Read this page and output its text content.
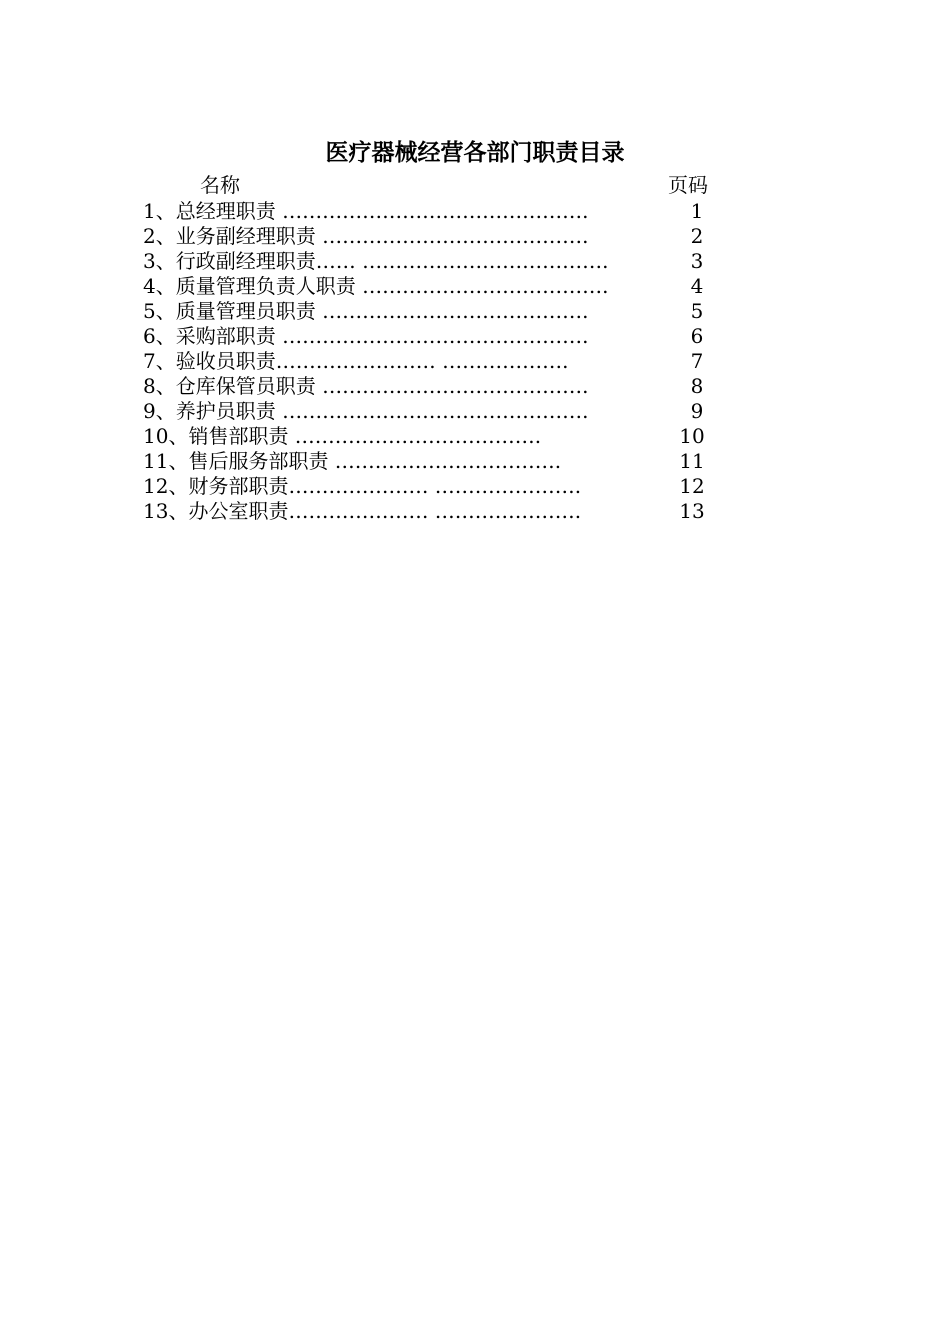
医疗器械经营各部门职责目录
名称	页码
1、总经理职责 ……………………………………….	1
2、业务副经理职责 ………………………………….	2
3、行政副经理职责…… ……………………………….	3
4、质量管理负责人职责 ……………………………….	4
5、质量管理员职责 ………………………………….	5
6、采购部职责 ……………………………………….	6
7、验收员职责…………………… ……………….	7
8、仓库保管员职责 ………………………………….	8
9、养护员职责 ……………………………………….	9
10、销售部职责 ……………………………….	10
11、售后服务部职责 …………………………….	11
12、财务部职责………………… ………………….	12
13、办公室职责………………… ………………….	13
